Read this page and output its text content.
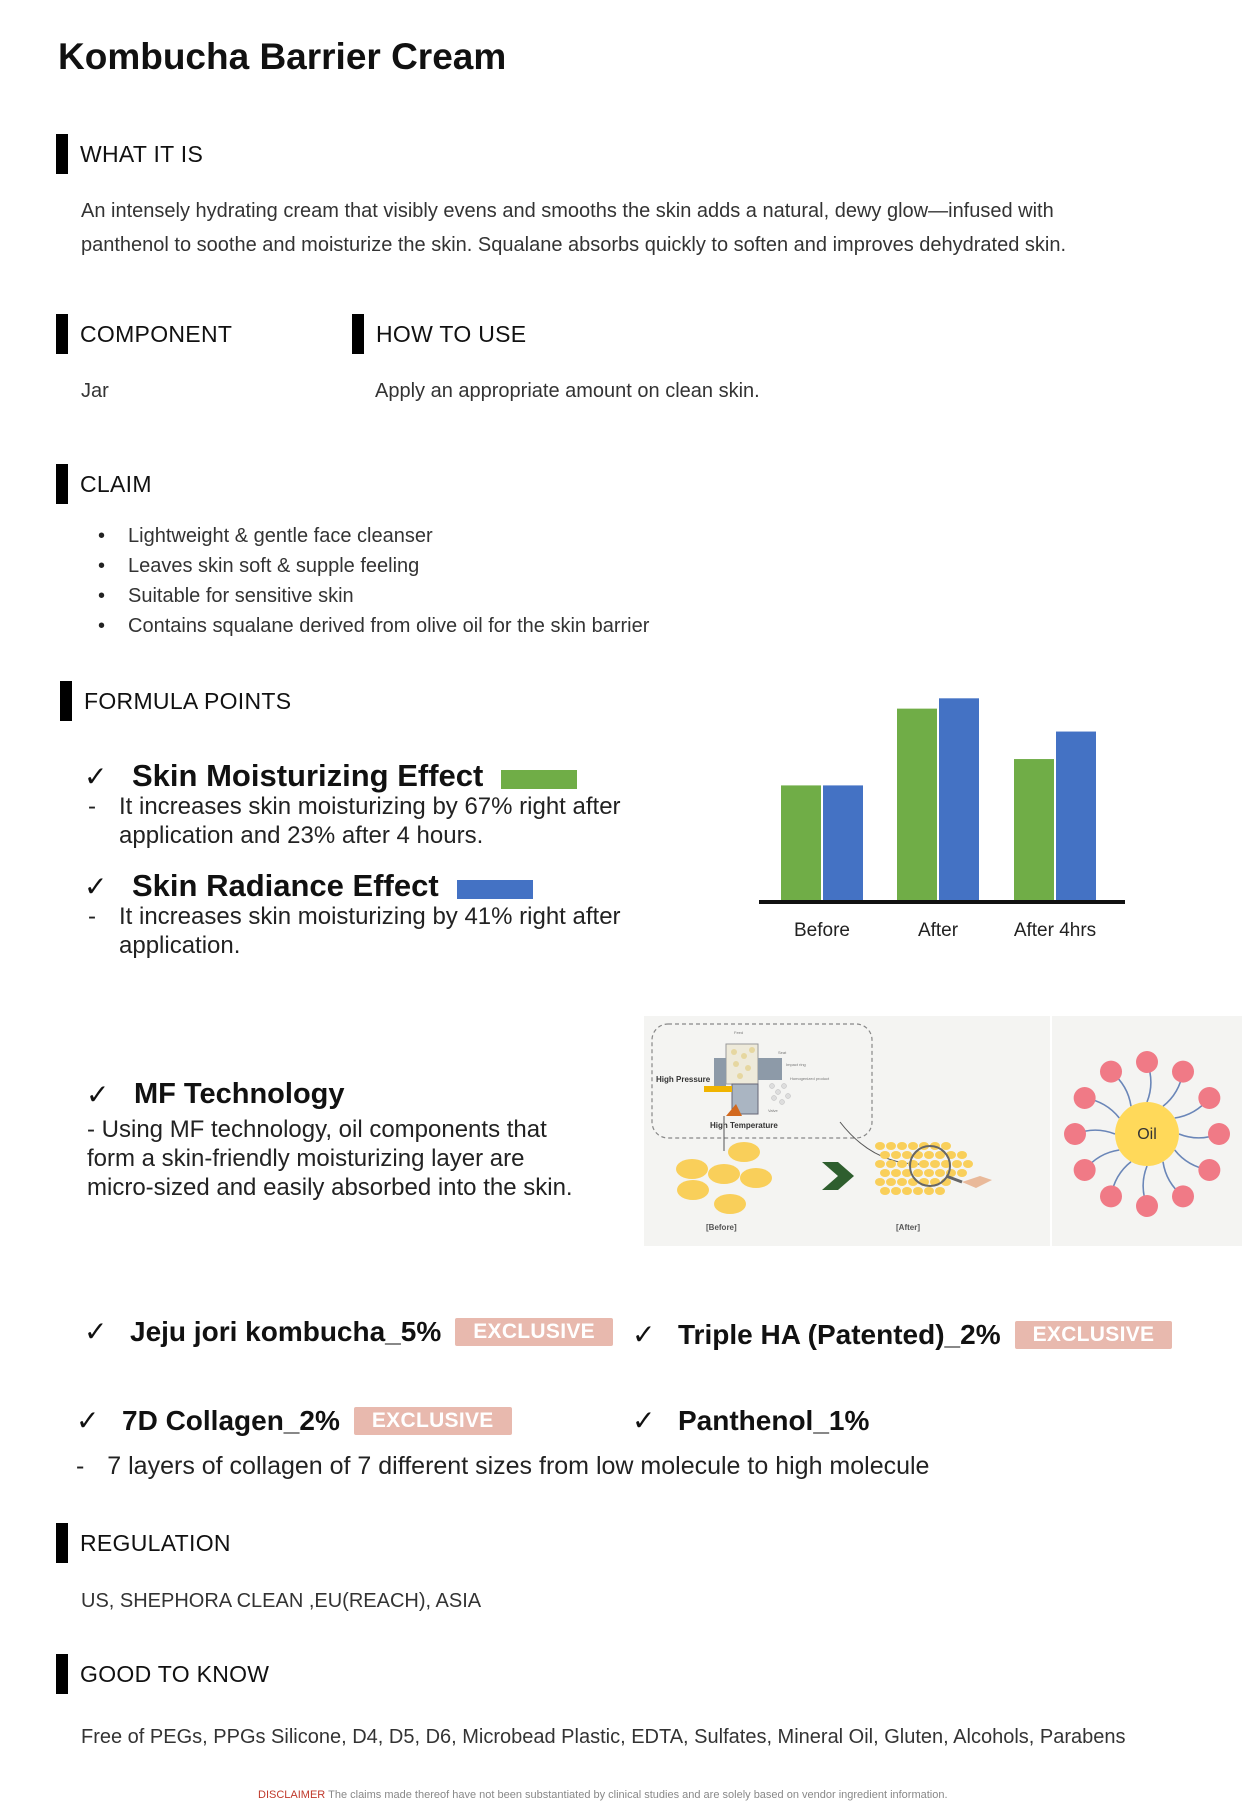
Kombucha Barrier Cream
WHAT IT IS
An intensely hydrating cream that visibly evens and smooths the skin adds a natural, dewy glow—infused with
panthenol to soothe and moisturize the skin. Squalane absorbs quickly to soften and improves dehydrated skin.
COMPONENT	HOW TO USE
Jar	Apply an appropriate amount on clean skin.
CLAIM
• Lightweight & gentle face cleanser
• Leaves skin soft & supple feeling
• Suitable for sensitive skin
• Contains squalane derived from olive oil for the skin barrier
FORMULA POINTS
✓ Skin Moisturizing Effect
- It increases skin moisturizing by 67% right after
application and 23% after 4 hours.
✓ Skin Radiance Effect
- It increases skin moisturizing by 41% right after
application.
Before	After	After 4hrs
✓ MF Technology
- Using MF technology, oil components that
form a skin-friendly moisturizing layer are
micro-sized and easily absorbed into the skin.
Feed
Seat
Impact ring
Homogenized product
Valve
High Pressure
High Temperature
[Before]	[After]
Oil
✓ Jeju jori kombucha_5%	EXCLUSIVE	✓ Triple HA (Patented)_2%	EXCLUSIVE
✓ 7D Collagen_2%	EXCLUSIVE	✓ Panthenol_1%
- 7 layers of collagen of 7 different sizes from low molecule to high molecule
REGULATION
US, SHEPHORA CLEAN ,EU(REACH), ASIA
GOOD TO KNOW
Free of PEGs, PPGs Silicone, D4, D5, D6, Microbead Plastic, EDTA, Sulfates, Mineral Oil, Gluten, Alcohols, Parabens
DISCLAIMER The claims made thereof have not been substantiated by clinical studies and are solely based on vendor ingredient information.
